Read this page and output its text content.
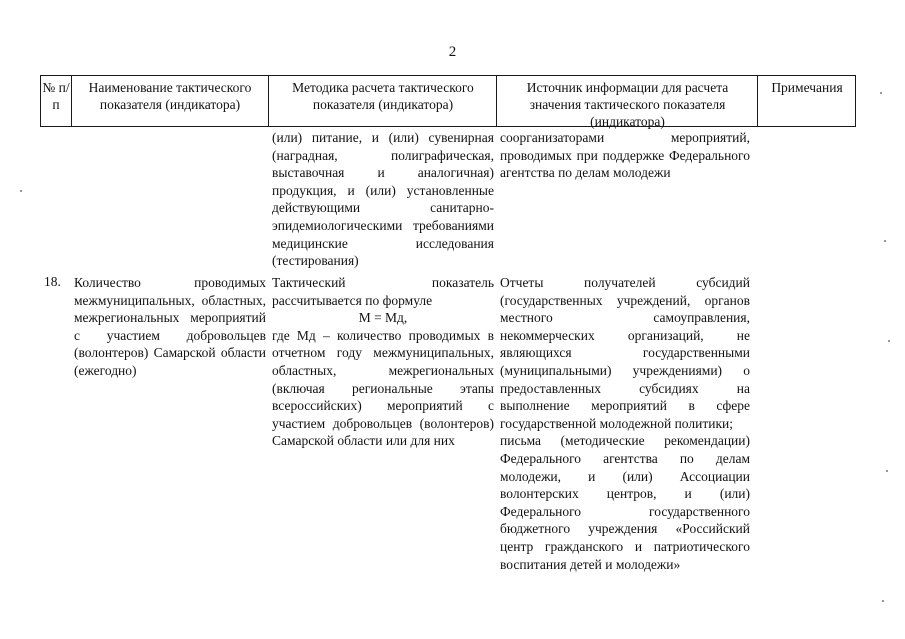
2
№ п/п
Наименование тактического показателя (индикатора)
Методика расчета тактического показателя (индикатора)
Источник информации для расчета значения тактического показателя (индикатора)
Примечания
(или) питание, и (или) сувенирная (наградная, полиграфическая, выставочная и аналогичная) продукция, и (или) установленные действующими санитарно-эпидемиологическими требованиями медицинские исследования (тестирования)
соорганизаторами мероприятий, проводимых при поддержке Федерального агентства по делам молодежи
18. Количество проводимых межмуниципальных, областных, межрегиональных мероприятий с участием добровольцев (волонтеров) Самарской области (ежегодно)

Тактический показатель рассчитывается по формуле

M = Mд,

где Mд – количество проводимых в отчетном году межмуниципальных, областных, межрегиональных (включая региональные этапы всероссийских) мероприятий с участием добровольцев (волонтеров) Самарской области или для них

Отчеты получателей субсидий (государственных учреждений, органов местного самоуправления, некоммерческих организаций, не являющихся государственными (муниципальными) учреждениями) о предоставленных субсидиях на выполнение мероприятий в сфере государственной молодежной политики;

письма (методические рекомендации) Федерального агентства по делам молодежи, и (или) Ассоциации волонтерских центров, и (или) Федерального государственного бюджетного учреждения «Российский центр гражданского и патриотического воспитания детей и молодежи»
